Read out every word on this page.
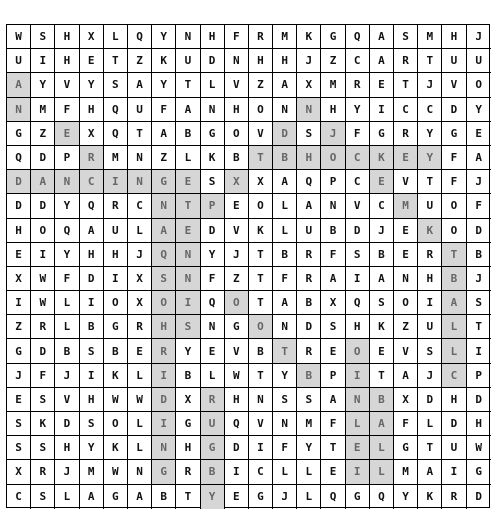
W	S	H	X	L	Q	Y	N	H	F	R	M	K	G	Q	A	S	M	H	J
U	I	H	E	T	Z	K	U	D	N	H	H	J	Z	C	A	R	T	U	U
A	Y	V	Y	S	A	Y	T	L	V	Z	A	X	M	R	E	T	J	V	O
N	M	F	H	Q	U	F	A	N	H	O	N	N	H	Y	I	C	C	D	Y
G	Z	E	X	Q	T	A	B	G	O	V	D	S	J	F	G	R	Y	G	E
Q	D	P	R	M	N	Z	L	K	B	T	B	H	O	C	K	E	Y	F	A
D	A	N	C	I	N	G	E	S	X	X	A	Q	P	C	E	V	T	F	J
D	D	Y	Q	R	C	N	T	P	E	O	L	A	N	V	C	M	U	O	F
H	O	Q	A	U	L	A	E	D	V	K	L	U	B	D	J	E	K	O	D
E	I	Y	H	H	J	Q	N	Y	J	T	B	R	F	S	B	E	R	T	B
X	W	F	D	I	X	S	N	F	Z	T	F	R	A	I	A	N	H	B	J
I	W	L	I	O	X	O	I	Q	O	T	A	B	X	Q	S	O	I	A	S
Z	R	L	B	G	R	H	S	N	G	O	N	D	S	H	K	Z	U	L	T
G	D	B	S	B	E	R	Y	E	V	B	T	R	E	O	E	V	S	L	I
J	F	J	I	K	L	I	B	L	W	T	Y	B	P	I	T	A	J	C	P
E	S	V	H	W	W	D	X	R	H	N	S	S	A	N	B	X	D	H	D
S	K	D	S	O	L	I	G	U	Q	V	N	M	F	L	A	F	L	D	H
S	S	H	Y	K	L	N	H	G	D	I	F	Y	T	E	L	G	T	U	W
X	R	J	M	W	N	G	R	B	I	C	L	L	E	I	L	M	A	I	G
C	S	L	A	G	A	B	T	Y	E	G	J	L	Q	G	Q	Y	K	R	D
